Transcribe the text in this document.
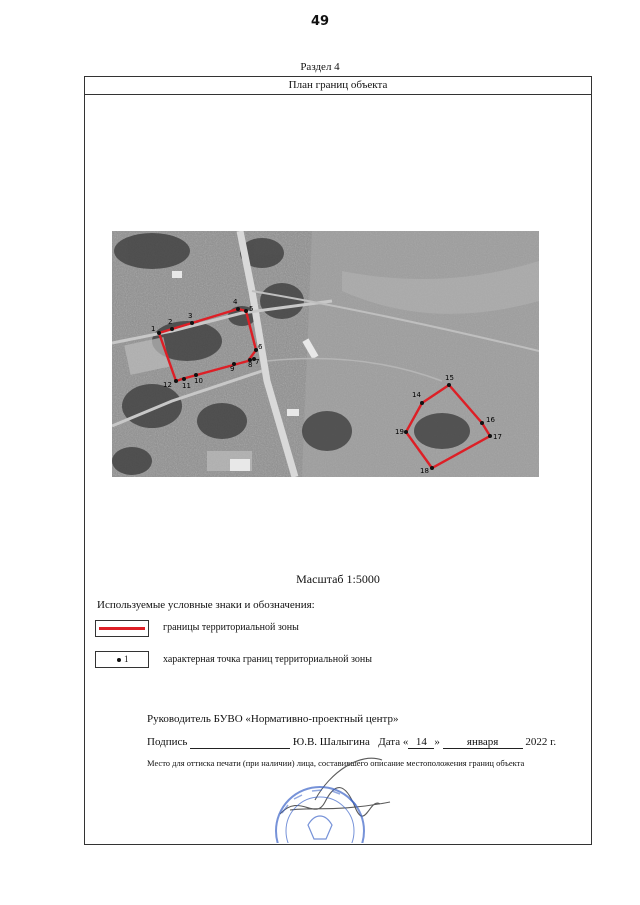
49
Раздел 4
План границ объекта
1
2
3
4
5
6
7
8
9
10
11
12
14
15
16
17
18
19
Масштаб 1:5000
Используемые условные знаки и обозначения:
границы территориальной зоны
1	характерная точка границ территориальной зоны
Руководитель БУВО «Нормативно-проектный центр»
Подпись	Ю.В. Шалыгина Дата « 14 » января 2022 г.
Место для оттиска печати (при наличии) лица, составившего описание местоположения границ объекта
